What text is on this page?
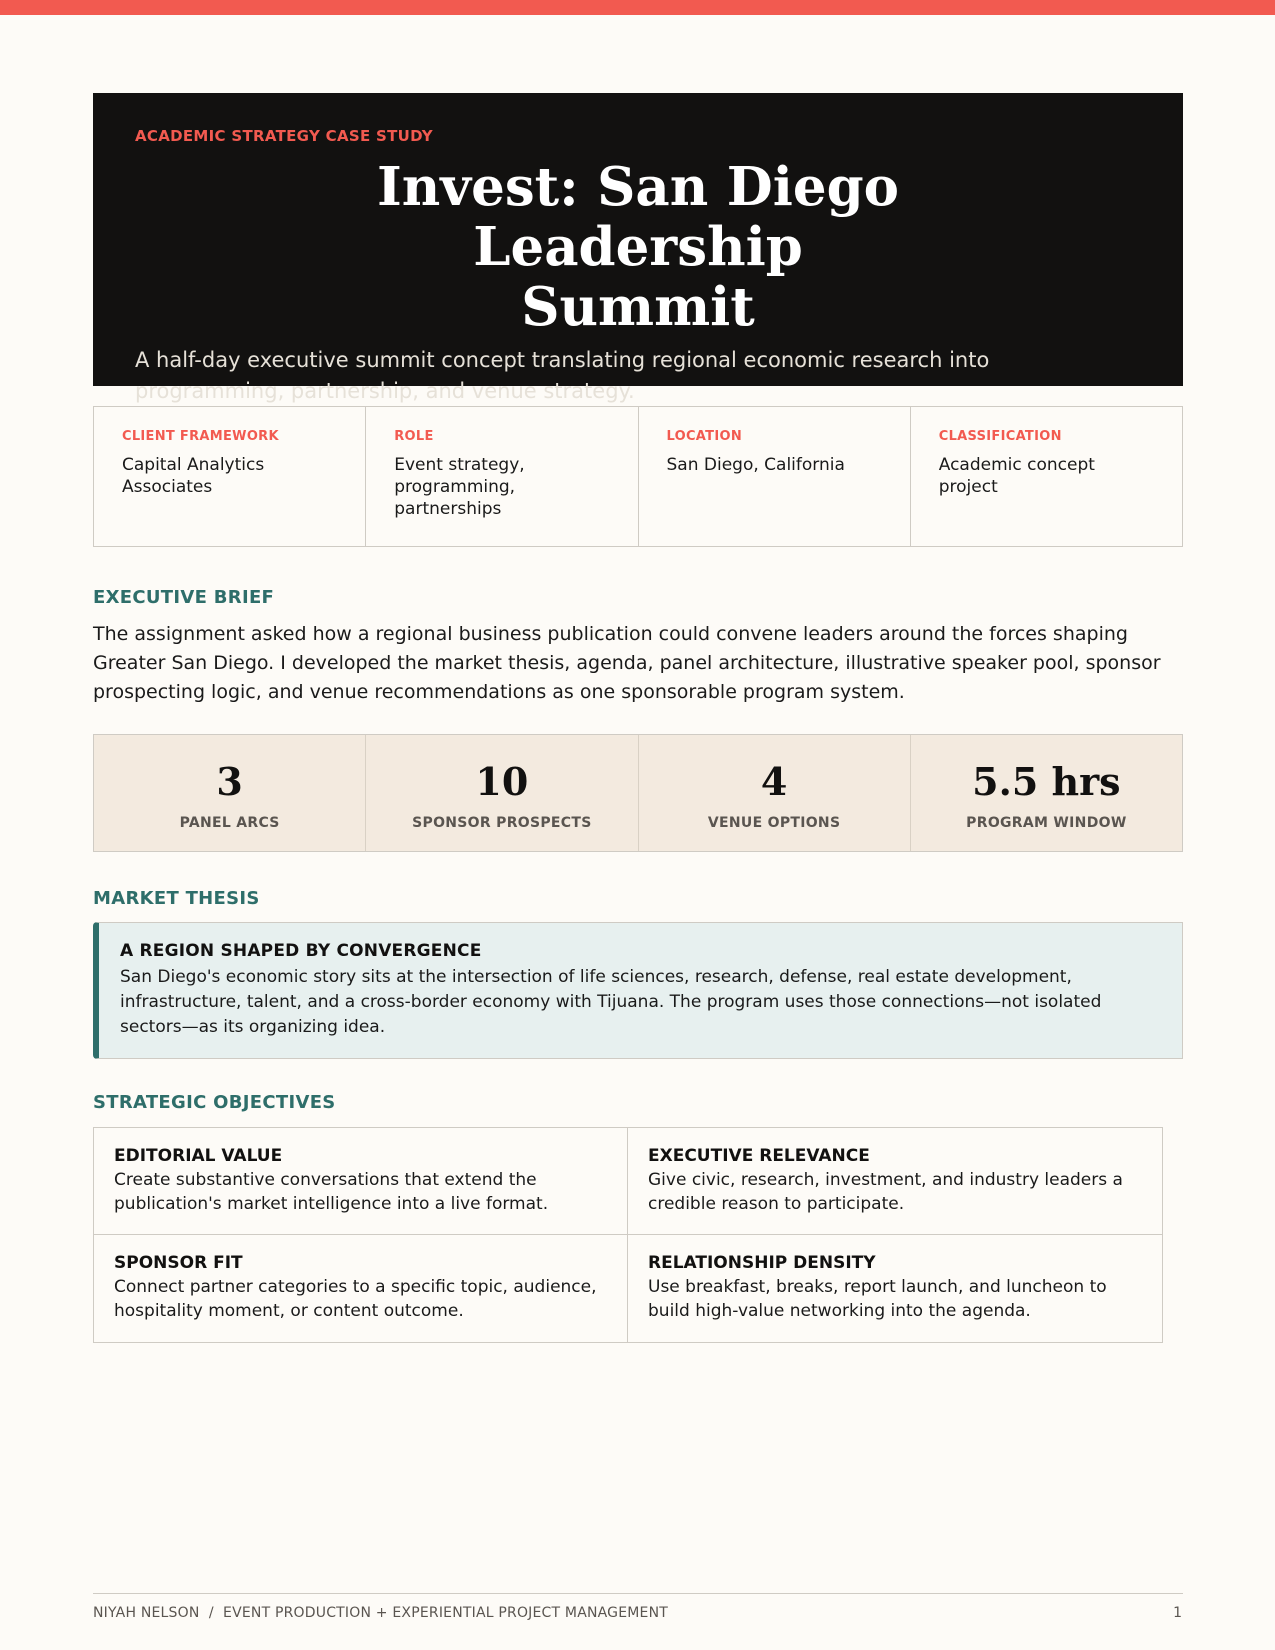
ACADEMIC STRATEGY CASE STUDY
Invest: San Diego Leadership Summit

A half-day executive summit concept translating regional economic research into programming, partnership, and venue strategy.

CLIENT FRAMEWORK
Capital Analytics Associates
ROLE
Event strategy, programming, partnerships
LOCATION
San Diego, California
CLASSIFICATION
Academic concept project
EXECUTIVE BRIEF

The assignment asked how a regional business publication could convene leaders around the forces shaping Greater San Diego. I developed the market thesis, agenda, panel architecture, illustrative speaker pool, sponsor prospecting logic, and venue recommendations as one sponsorable program system.

3
PANEL ARCS
10
SPONSOR PROSPECTS
4
VENUE OPTIONS
5.5 hrs
PROGRAM WINDOW
MARKET THESIS
A REGION SHAPED BY CONVERGENCE

San Diego's economic story sits at the intersection of life sciences, research, defense, real estate development, infrastructure, talent, and a cross-border economy with Tijuana. The program uses those connections—not isolated sectors—as its organizing idea.

STRATEGIC OBJECTIVES
EDITORIAL VALUE

Create substantive conversations that extend the publication's market intelligence into a live format.

EXECUTIVE RELEVANCE

Give civic, research, investment, and industry leaders a credible reason to participate.

SPONSOR FIT

Connect partner categories to a specific topic, audience, hospitality moment, or content outcome.

RELATIONSHIP DENSITY

Use breakfast, breaks, report launch, and luncheon to build high-value networking into the agenda.

NIYAH NELSON  /  EVENT PRODUCTION + EXPERIENTIAL PROJECT MANAGEMENT	1
